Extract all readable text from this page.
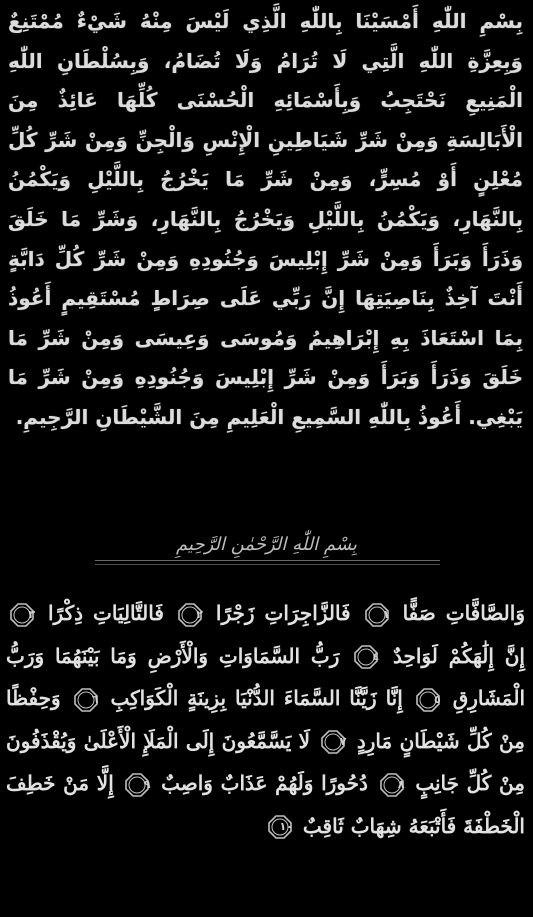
بِسْمِ اللّٰهِ أَمْسَيْنَا بِاللّٰهِ الَّذِي لَيْسَ مِنْهُ شَيْءٌ مُمْتَنِعٌ وَبِعِزَّةِ اللّٰهِ الَّتِي لَا تُرَامُ وَلَا تُضَامُ، وَبِسُلْطَانِ اللّٰهِ الْمَنِيعِ نَحْتَجِبُ وَبِأَسْمَائِهِ الْحُسْنَى كُلِّهَا عَائِذٌ مِنَ الْأَبَالِسَةِ وَمِنْ شَرِّ شَيَاطِينِ الْإِنْسِ وَالْجِنِّ وَمِنْ شَرِّ كُلِّ مُعْلِنٍ أَوْ مُسِرٍّ، وَمِنْ شَرِّ مَا يَخْرُجُ بِاللَّيْلِ وَيَكْمُنُ بِالنَّهَارِ، وَيَكْمُنُ بِاللَّيْلِ وَيَخْرُجُ بِالنَّهَارِ، وَشَرِّ مَا خَلَقَ وَذَرَأَ وَبَرَأَ وَمِنْ شَرِّ إِبْلِيسَ وَجُنُودِهِ وَمِنْ شَرِّ كُلِّ دَابَّةٍ أَنْتَ آخِذٌ بِنَاصِيَتِهَا إِنَّ رَبِّي عَلَى صِرَاطٍ مُسْتَقِيمٍ أَعُوذُ بِمَا اسْتَعَاذَ بِهِ إِبْرَاهِيمُ وَمُوسَى وَعِيسَى وَمِنْ شَرِّ مَا خَلَقَ وَذَرَأَ وَبَرَأَ وَمِنْ شَرِّ إِبْلِيسَ وَجُنُودِهِ وَمِنْ شَرِّ مَا يَبْغِي. أَعُوذُ بِاللّٰهِ السَّمِيعِ الْعَلِيمِ مِنَ الشَّيْطَانِ الرَّجِيمِ.
بِسْمِ اللّٰهِ الرَّحْمٰنِ الرَّحِيمِ
وَالصَّافَّاتِ صَفًّا
١
فَالزَّاجِرَاتِ زَجْرًا
٢
فَالتَّالِيَاتِ ذِكْرًا
٣
إِنَّ إِلَٰهَكُمْ لَوَاحِدٌ
٤
رَبُّ السَّمَاوَاتِ وَالْأَرْضِ وَمَا بَيْنَهُمَا وَرَبُّ
الْمَشَارِقِ
٥
إِنَّا زَيَّنَّا السَّمَاءَ الدُّنْيَا بِزِينَةٍ الْكَوَاكِبِ
٦
وَحِفْظًا
مِنْ كُلِّ شَيْطَانٍ مَارِدٍ
٧
لَا يَسَّمَّعُونَ إِلَى الْمَلَإِ الْأَعْلَىٰ وَيُقْذَفُونَ
مِنْ كُلِّ جَانِبٍ
٨
دُحُورًا وَلَهُمْ عَذَابٌ وَاصِبٌ
٩
إِلَّا مَنْ خَطِفَ
الْخَطْفَةَ فَأَتْبَعَهُ شِهَابٌ ثَاقِبٌ
١٠
